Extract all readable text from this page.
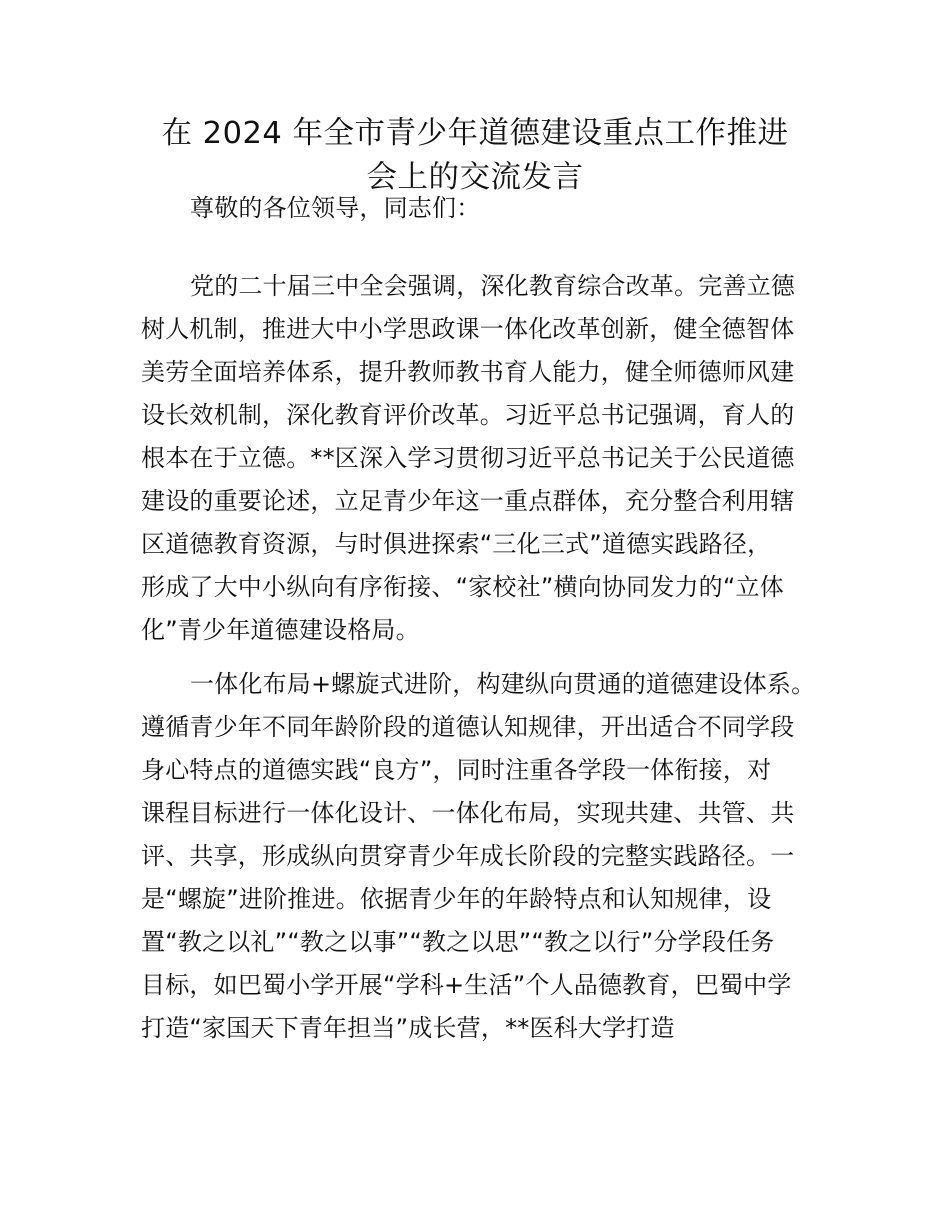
在 2024 年全市青少年道德建设重点工作推进
会上的交流发言
尊敬的各位领导，同志们：
党的二十届三中全会强调，深化教育综合改革。完善立德
树人机制，推进大中小学思政课一体化改革创新，健全德智体
美劳全面培养体系，提升教师教书育人能力，健全师德师风建
设长效机制，深化教育评价改革。习近平总书记强调，育人的
根本在于立德。**区深入学习贯彻习近平总书记关于公民道德
建设的重要论述，立足青少年这一重点群体，充分整合利用辖
区道德教育资源，与时俱进探索“三化三式”道德实践路径，
形成了大中小纵向有序衔接、“家校社”横向协同发力的“立体
化”青少年道德建设格局。
一体化布局+螺旋式进阶，构建纵向贯通的道德建设体系。
遵循青少年不同年龄阶段的道德认知规律，开出适合不同学段
身心特点的道德实践“良方”，同时注重各学段一体衔接，对
课程目标进行一体化设计、一体化布局，实现共建、共管、共
评、共享，形成纵向贯穿青少年成长阶段的完整实践路径。一
是“螺旋”进阶推进。依据青少年的年龄特点和认知规律，设
置“教之以礼”“教之以事”“教之以思”“教之以行”分学段任务
目标，如巴蜀小学开展“学科+生活”个人品德教育，巴蜀中学
打造“家国天下青年担当”成长营，**医科大学打造
